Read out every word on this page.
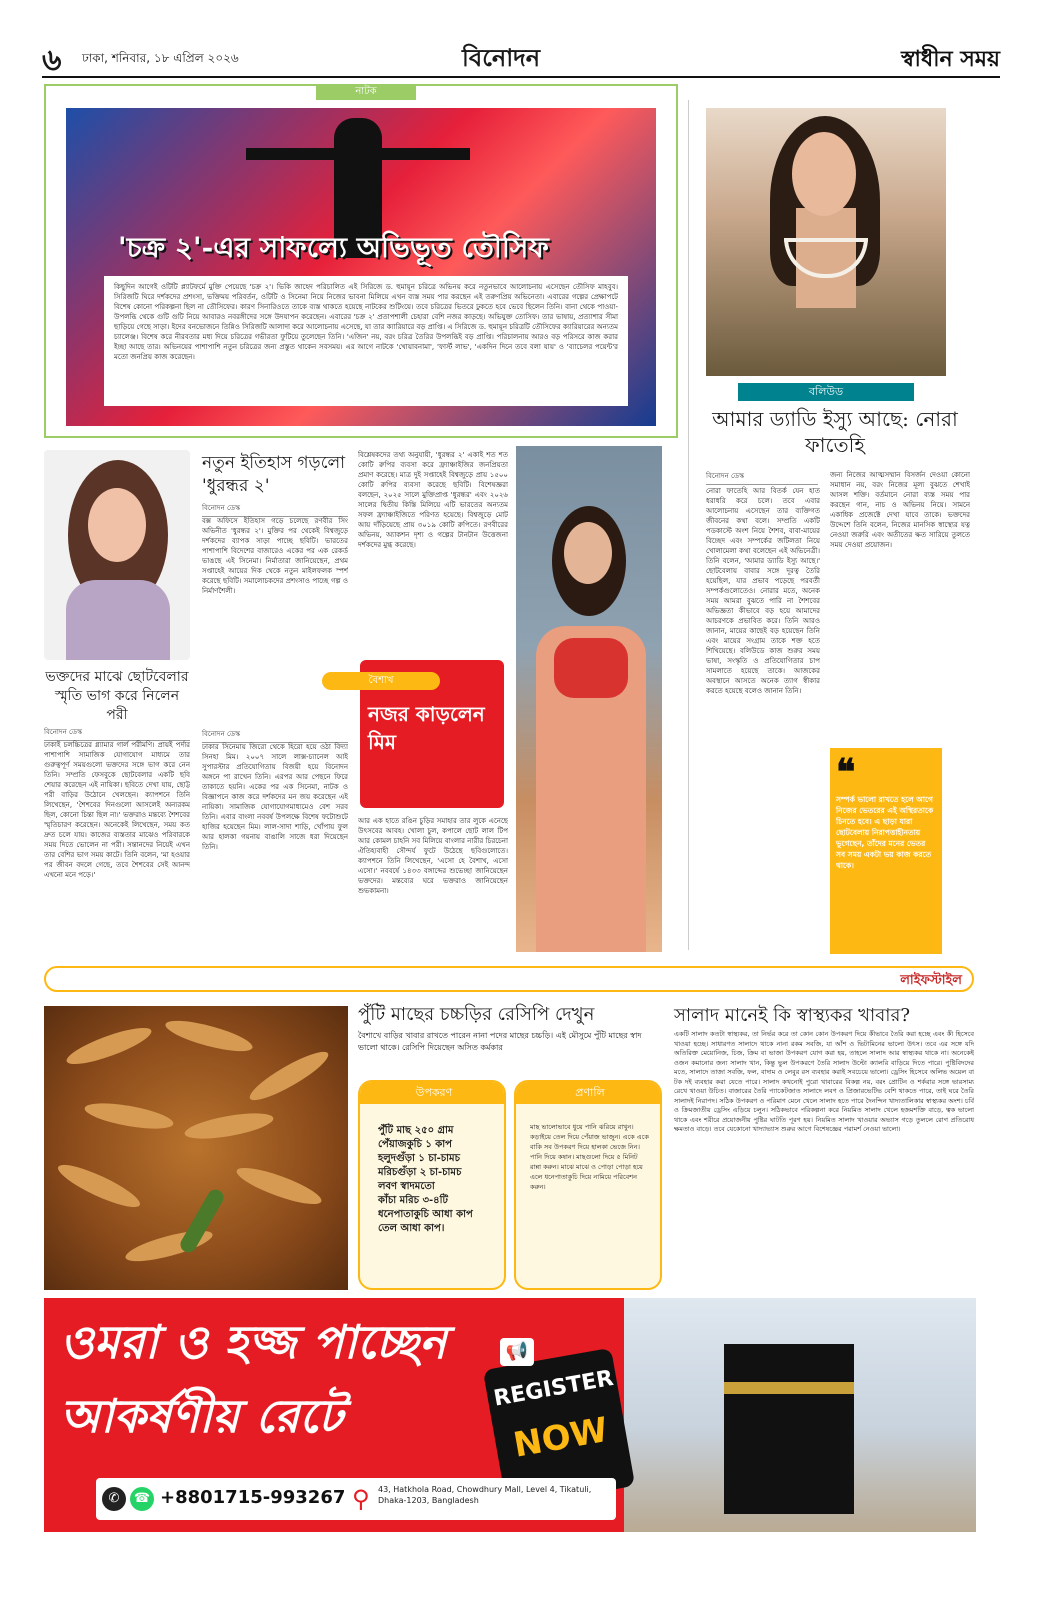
৬ ঢাকা, শনিবার, ১৮ এপ্রিল ২০২৬	বিনোদন	স্বাধীন সময়
নাটক
'চক্র ২'-এর সাফল্যে অভিভূত তৌসিফ
কিছুদিন আগেই ওটিটি প্ল্যাটফর্মে মুক্তি পেয়েছে 'চক্র ২'। ভিকি জাহেদ পরিচালিত এই সিরিজে ড. হুমায়ূন চরিত্রে অভিনয় করে নতুনভাবে আলোচনায় এসেছেন তৌসিফ মাহবুব। সিরিজটি ঘিরে দর্শকদের প্রশংসা, ভক্তিময় পরিবর্তন, ওটিটি ও সিনেমা নিয়ে নিজের ভাবনা মিলিয়ে এখন ব্যস্ত সময় পার করছেন এই তরুণপ্রিয় অভিনেতা। এবারের গল্পের প্রেক্ষাপটে বিশেষ কোনো পরিকল্পনা ছিল না তৌসিফের। কারণ সিনারিওতে তাকে ব্যস্ত থাকতে হয়েছে নাটকের শুটিংয়ে। তবে চরিত্রের ভিতরে ঢুকতে হবে ভেবে ছিলেন তিনি। বানা থেকে পাওয়া-উপলব্ধি থেকে গুটি গুটি নিয়ে আবারও নবরঙ্গীদের সঙ্গে উদযাপন করেছেন। এবারের 'চক্র ২' প্রতাপশালী চেহারা বেশি নজর কাড়ছে। অভিযুক্ত তোসিফ। তার ভাষায়, প্রত্যাশার সীমা ছাড়িয়ে গেছে সাড়া। ইদের বনভোজনে তিন্নিও সিরিজটি আলাদা করে আলোচনায় এসেছে, যা তার ক্যারিয়ারে বড় প্রাপ্তি। এ সিরিজে ড. হুমায়ূন চরিত্রটি তৌসিফের ক্যারিয়ারের অন্যতম চ্যালেঞ্জ। বিশেষ করে নীরবতার মধ্য দিয়ে চরিত্রের গভীরতা ফুটিয়ে তুলেছেন তিনি। 'এজিন' নয়, বরং চরিত্র তৈরির উপলব্ধিই বড় প্রাপ্তি। পরিচালনায় আরও বড় পরিসরে কাজ করার ইচ্ছা আছে তার। অভিনয়ের পাশাপাশি নতুন চরিত্রের জন্য প্রস্তুত থাকেন সবসময়। এর আগে নাটকে 'খোয়াবনামা', 'ফার্স্ট লাভ', 'একদিন দিনে তবে বলা যায়' ও 'ব্যাচেলর পয়েন্ট'র মতো জনপ্রিয় কাজ করেছেন।
বলিউড
আমার ড্যাডি ইস্যু আছে: নোরা ফাতেহি
বিনোদন ডেস্ক
নোরা ফাতেহি আর বিতর্ক যেন হাত ধরাধরি করে চলে। তবে এবার আলোচনায় এসেছেন তার ব্যক্তিগত জীবনের কথা বলে। সম্প্রতি একটি পডকাস্টে অংশ নিয়ে শৈশব, বাবা-মায়ের বিচ্ছেদ এবং সম্পর্কের জটিলতা নিয়ে খোলামেলা কথা বলেছেন এই অভিনেত্রী। তিনি বলেন, 'আমার ড্যাডি ইস্যু আছে।' ছোটবেলায় বাবার সঙ্গে দূরত্ব তৈরি হয়েছিল, যার প্রভাব পড়েছে পরবর্তী সম্পর্কগুলোতেও। নোরার মতে, অনেক সময় আমরা বুঝতে পারি না শৈশবের অভিজ্ঞতা কীভাবে বড় হয়ে আমাদের আচরণকে প্রভাবিত করে। তিনি আরও জানান, মায়ের কাছেই বড় হয়েছেন তিনি এবং মায়ের সংগ্রাম তাকে শক্ত হতে শিখিয়েছে। বলিউডে কাজ শুরুর সময় ভাষা, সংস্কৃতি ও প্রতিযোগিতার চাপ সামলাতে হয়েছে তাকে। আজকের অবস্থানে আসতে অনেক ত্যাগ স্বীকার করতে হয়েছে বলেও জানান তিনি।
জন্য নিজের আত্মসম্মান বিসর্জন দেওয়া কোনো সমাধান নয়, বরং নিজের মূল্য বুঝতে শেখাই আসল শক্তি। বর্তমানে নোরা ব্যস্ত সময় পার করছেন গান, নাচ ও অভিনয় নিয়ে। সামনে একাধিক প্রজেক্টে দেখা যাবে তাকে। ভক্তদের উদ্দেশে তিনি বলেন, নিজের মানসিক স্বাস্থ্যের যত্ন নেওয়া জরুরি এবং অতীতের ক্ষত সারিয়ে তুলতে সময় দেওয়া প্রয়োজন।
❝
সম্পর্ক ভালো রাখতে হলে আগে নিজের ভেতরের এই অস্থিরতাকে চিনতে হবে। এ ছাড়া যারা ছোটবেলায় নিরাপত্তাহীনতায় ভুগেছেন, তাঁদের মনের ভেতর সব সময় একটা ভয় কাজ করতে থাকে।
ভক্তদের মাঝে ছোটবেলার স্মৃতি ভাগ করে নিলেন পরী
বিনোদন ডেস্ক
ঢাকাই চলচ্চিত্রের গ্ল্যামার গার্ল পরীমণি। প্রায়ই পর্দার পাশাপাশি সামাজিক যোগাযোগ মাধ্যমে তার গুরুত্বপূর্ণ সময়গুলো ভক্তদের সঙ্গে ভাগ করে নেন তিনি। সম্প্রতি ফেসবুকে ছোটবেলার একটি ছবি শেয়ার করেছেন এই নায়িকা। ছবিতে দেখা যায়, ছোট্ট পরী বাড়ির উঠোনে খেলছেন। ক্যাপশনে তিনি লিখেছেন, 'শৈশবের দিনগুলো আসলেই অন্যরকম ছিল, কোনো চিন্তা ছিল না।' ভক্তরাও মন্তব্যে শৈশবের স্মৃতিচারণ করেছেন। অনেকেই লিখেছেন, সময় কত দ্রুত চলে যায়। কাজের ব্যস্ততার মাঝেও পরিবারকে সময় দিতে ভোলেন না পরী। সন্তানদের নিয়েই এখন তার বেশির ভাগ সময় কাটে। তিনি বলেন, 'মা হওয়ার পর জীবন বদলে গেছে, তবে শৈশবের সেই আনন্দ এখনো মনে পড়ে।'
নতুন ইতিহাস গড়লো 'ধুরন্ধর ২'
বিনোদন ডেস্ক
বক্স অফিসে ইতিহাস গড়ে চলেছে রণবীর সিং অভিনীত 'ধুরন্ধর ২'। মুক্তির পর থেকেই বিশ্বজুড়ে দর্শকদের ব্যাপক সাড়া পাচ্ছে ছবিটি। ভারতের পাশাপাশি বিদেশের বাজারেও একের পর এক রেকর্ড ভাঙছে এই সিনেমা। নির্মাতারা জানিয়েছেন, প্রথম সপ্তাহেই আয়ের দিক থেকে নতুন মাইলফলক স্পর্শ করেছে ছবিটি। সমালোচকদের প্রশংসাও পাচ্ছে গল্প ও নির্মাণশৈলী।
বিশ্লেষকদের তথ্য অনুযায়ী, 'ধুরন্ধর ২' একাই শত শত কোটি রুপির ব্যবসা করে ফ্র্যাঞ্চাইজির জনপ্রিয়তা প্রমাণ করেছে। মাত্র দুই সপ্তাহেই বিশ্বজুড়ে প্রায় ১৫০০ কোটি রুপির ব্যবসা করেছে ছবিটি। বিশেষজ্ঞরা বলছেন, ২০২৫ সালে মুক্তিপ্রাপ্ত 'ধুরন্ধর' এবং ২০২৬ সালের দ্বিতীয় কিস্তি মিলিয়ে এটি ভারতের অন্যতম সফল ফ্র্যাঞ্চাইজিতে পরিণত হয়েছে। বিশ্বজুড়ে মোট আয় দাঁড়িয়েছে প্রায় ৩০১৯ কোটি রুপিতে। রণবীরের অভিনয়, অ্যাকশন দৃশ্য ও গল্পের টানটান উত্তেজনা দর্শকদের মুগ্ধ করেছে।
বিনোদন ডেস্ক
ঢাকার সিনেমায় জিরো থেকে হিরো হয়ে ওঠা বিদ্যা সিনহা মিম। ২০০৭ সালে লাক্স-চ্যানেল আই সুপারস্টার প্রতিযোগিতায় বিজয়ী হয়ে বিনোদন অঙ্গনে পা রাখেন তিনি। এরপর আর পেছনে ফিরে তাকাতে হয়নি। একের পর এক সিনেমা, নাটক ও বিজ্ঞাপনে কাজ করে দর্শকদের মন জয় করেছেন এই নায়িকা। সামাজিক যোগাযোগমাধ্যমেও বেশ সরব তিনি। এবার বাংলা নববর্ষ উপলক্ষে বিশেষ ফটোশুটে হাজির হয়েছেন মিম। লাল-সাদা শাড়ি, খোঁপায় ফুল আর হালকা গয়নায় বাঙালি সাজে ধরা দিয়েছেন তিনি।
নজর কাড়লেন মিম
বৈশাখ
আর এক হাতে রঙিন চুড়ির সমাহার তার লুকে এনেছে উৎসবের আবহ। খোলা চুল, কপালে ছোট লাল টিপ আর কোমল চাহনি সব মিলিয়ে বাংলার নারীর চিরচেনা ঐতিহ্যবাহী সৌন্দর্য ফুটে উঠেছে ছবিগুলোতে। ক্যাপশনে তিনি লিখেছেন, 'এসো হে বৈশাখ, এসো এসো।' নববর্ষে ১৪৩৩ বঙ্গাব্দের শুভেচ্ছা জানিয়েছেন ভক্তদের। মন্তব্যের ঘরে ভক্তরাও জানিয়েছেন শুভকামনা।
লাইফস্টাইল
পুঁটি মাছের চচ্চড়ির রেসিপি দেখুন
বৈশাখে বাড়ির খাবার রাখতে পারেন নানা পদের মাছের চচ্চড়ি। এই মৌসুমে পুঁটি মাছের স্বাদ ভালো থাকে। রেসিপি দিয়েছেন অসিত কর্মকার
উপকরণ
পুঁটি মাছ ২৫০ গ্রাম
পেঁয়াজকুচি ১ কাপ
হলুদগুঁড়া ১ চা-চামচ
মরিচগুঁড়া ২ চা-চামচ
লবণ স্বাদমতো
কাঁচা মরিচ ৩-৪টি
ধনেপাতাকুচি আধা কাপ
তেল আধা কাপ।
প্রণালি
মাছ ভালোভাবে ধুয়ে পানি ঝরিয়ে রাখুন। কড়াইয়ে তেল দিয়ে পেঁয়াজ ভাজুন। একে একে বাকি সব উপকরণ দিয়ে হালকা ভেজে নিন। পানি দিয়ে কষান। মাছগুলো দিয়ে ৫ মিনিট রান্না করুন। মাঝে মাঝে ও পোড়া পোড়া হয়ে এলে ধনেপাতাকুচি দিয়ে নামিয়ে পরিবেশন করুন।
সালাদ মানেই কি স্বাস্থ্যকর খাবার?
একটি সালাদ কতটা স্বাস্থ্যকর, তা নির্ভর করে তা কোন কোন উপকরণ দিয়ে কীভাবে তৈরি করা হচ্ছে এবং কী হিসেবে খাওয়া হচ্ছে। সাধারণত সালাদে থাকে নানা রকম সবজি, যা আঁশ ও ভিটামিনের ভালো উৎস। তবে এর সঙ্গে যদি অতিরিক্ত মেয়োনিজ, চিজ, ক্রিম বা ভাজা উপকরণ যোগ করা হয়, তাহলে সালাদ আর স্বাস্থ্যকর থাকে না। অনেকেই ওজন কমানোর জন্য সালাদ খান, কিন্তু ভুল উপকরণে তৈরি সালাদ উল্টো ক্যালরি বাড়িয়ে দিতে পারে। পুষ্টিবিদদের মতে, সালাদে তাজা সবজি, ফল, বাদাম ও লেবুর রস ব্যবহার করাই সবচেয়ে ভালো। ড্রেসিং হিসেবে অলিভ অয়েল বা টক দই ব্যবহার করা যেতে পারে। সালাদ কখনোই পুরো খাবারের বিকল্প নয়, বরং প্রোটিন ও শর্করার সঙ্গে ভারসাম্য রেখে খাওয়া উচিত। বাজারের তৈরি প্যাকেটজাত সালাদে লবণ ও প্রিজারভেটিভ বেশি থাকতে পারে, তাই ঘরে তৈরি সালাদই নিরাপদ। সঠিক উপকরণ ও পরিমাণ মেনে খেলে সালাদ হতে পারে দৈনন্দিন খাদ্যতালিকার স্বাস্থ্যকর অংশ। চর্বি ও ক্রিমজাতীয় ড্রেসিং এড়িয়ে চলুন। সঠিকভাবে পরিকল্পনা করে নিয়মিত সালাদ খেলে হজমশক্তি বাড়ে, ত্বক ভালো থাকে এবং শরীরে প্রয়োজনীয় পুষ্টির ঘাটতি পূরণ হয়। নিয়মিত সালাদ খাওয়ার অভ্যাস গড়ে তুললে রোগ প্রতিরোধ ক্ষমতাও বাড়ে। তবে যেকোনো খাদ্যাভ্যাস শুরুর আগে বিশেষজ্ঞের পরামর্শ নেওয়া ভালো।
ওমরা ও হজ্জ পাচ্ছেন
আকর্ষণীয় রেটে
REGISTER
NOW
📢
✆	☎ +8801715-993267 ⚲	43, Hatkhola Road, Chowdhury Mall, Level 4, Tikatuli, Dhaka-1203, Bangladesh
